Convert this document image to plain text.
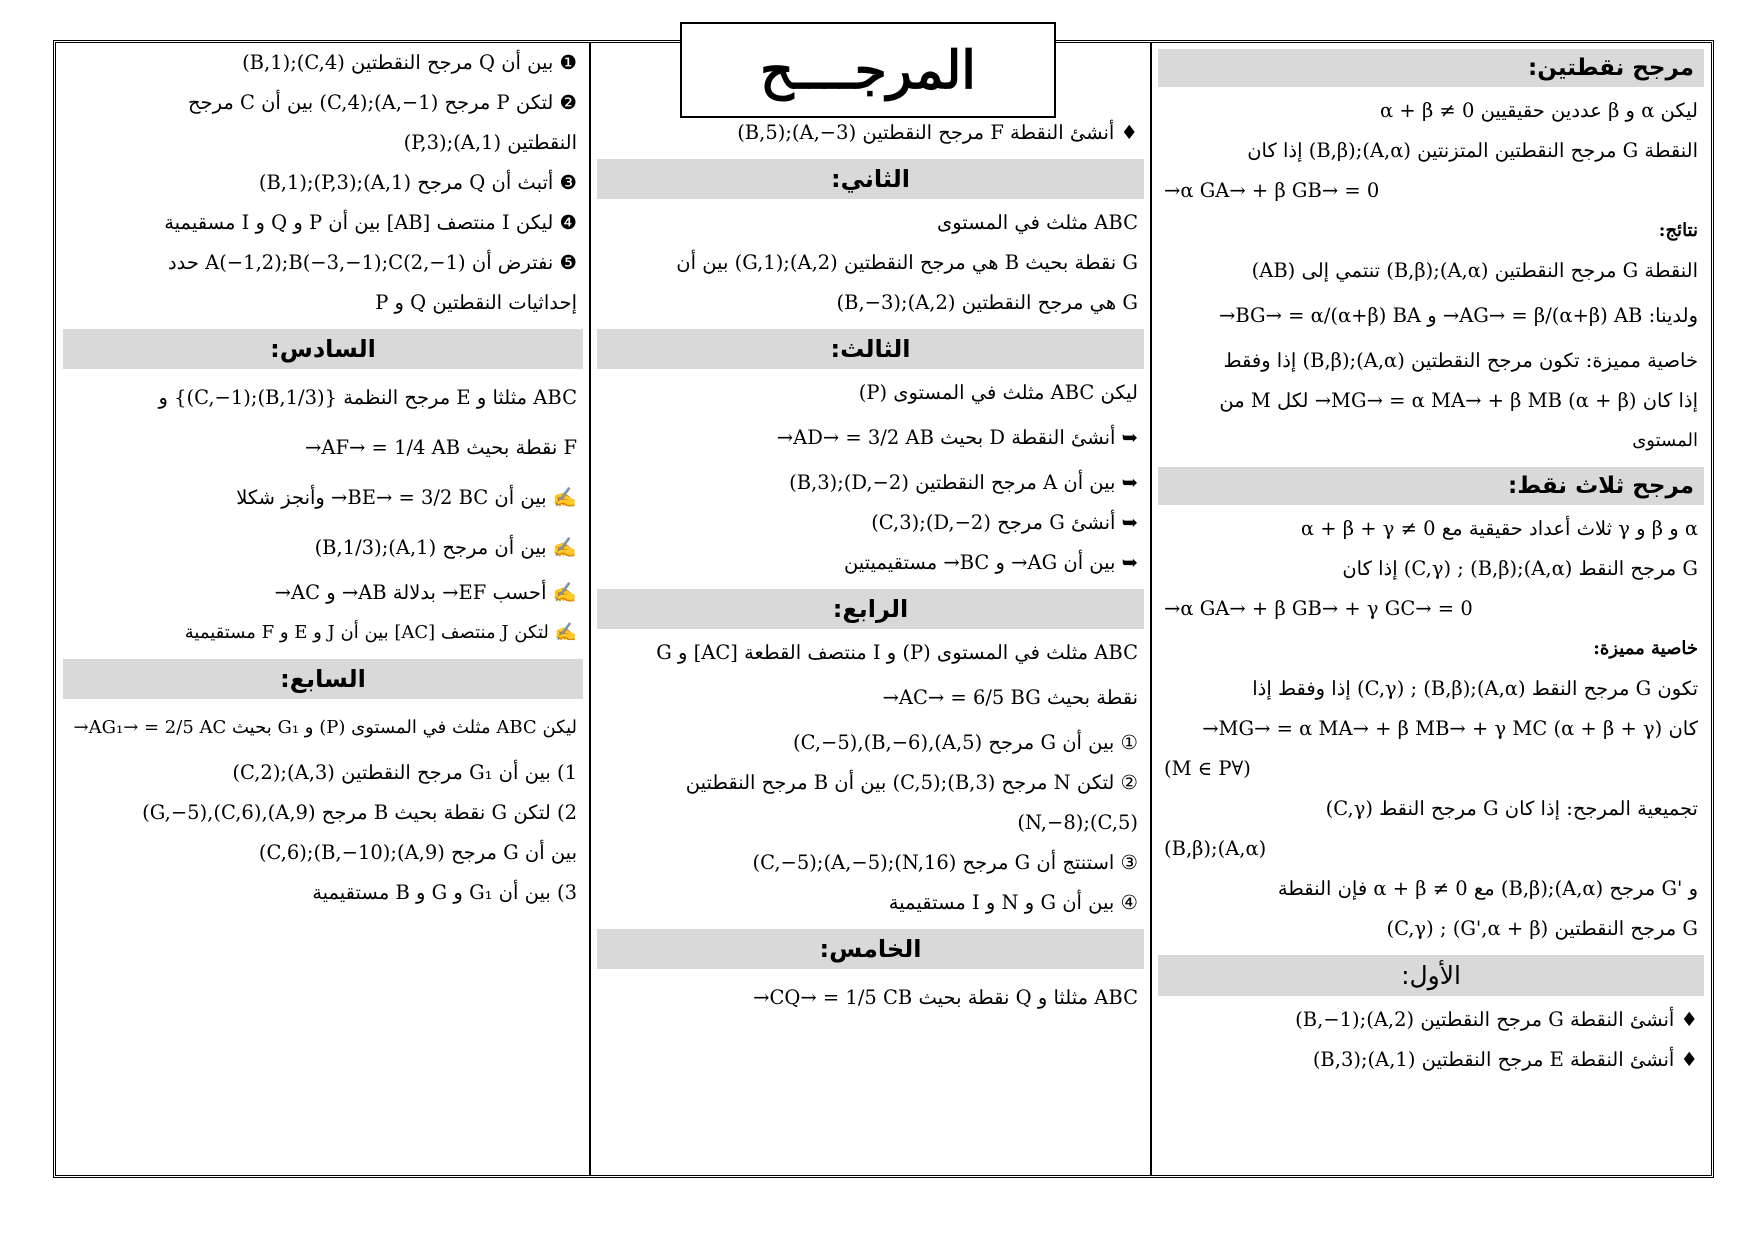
المرجــــح	مرجح نقطتين:
ليكن α و β عددين حقيقيين α + β ≠ 0
النقطة G مرجح النقطتين المتزنتين (A,α);(B,β) إذا كان
α GA→ + β GB→ = 0→
نتائج:
النقطة G مرجح النقطتين (A,α);(B,β) تنتمي إلى (AB)
ولدينا: AG→ = β/(α+β) AB→ و BG→ = α/(α+β) BA→
خاصية مميزة: تكون مرجح النقطتين (A,α);(B,β) إذا وفقط
إذا كان (α + β) MG→ = α MA→ + β MB→ لكل M من
المستوى
مرجح ثلاث نقط:
α و β و γ ثلاث أعداد حقيقية مع α + β + γ ≠ 0
G مرجح النقط (A,α);(B,β) ; (C,γ) إذا كان
α GA→ + β GB→ + γ GC→ = 0→
خاصية مميزة:
تكون G مرجح النقط (A,α);(B,β) ; (C,γ) إذا وفقط إذا
كان (α + β + γ) MG→ = α MA→ + β MB→ + γ MC→
(∀M ∈ P)
تجميعية المرجح: إذا كان G مرجح النقط (C,γ)
(A,α);(B,β)
و 'G مرجح (A,α);(B,β) مع α + β ≠ 0 فإن النقطة
G مرجح النقطتين (G',α + β) ; (C,γ)
الأول:
♦ أنشئ النقطة G مرجح النقطتين (A,2);(B,−1)
♦ أنشئ النقطة E مرجح النقطتين (A,1);(B,3)
♦ أنشئ النقطة F مرجح النقطتين (A,−3);(B,5)
الثاني:
ABC مثلث في المستوى
G نقطة بحيث B هي مرجح النقطتين (A,2);(G,1) بين أن
G هي مرجح النقطتين (A,2);(B,−3)
الثالث:
ليكن ABC مثلث في المستوى (P)
➥ أنشئ النقطة D بحيث AD→ = 3/2 AB→
➥ بين أن A مرجح النقطتين (D,−2);(B,3)
➥ أنشئ G مرجح (D,−2);(C,3)
➥ بين أن AG→ و BC→ مستقيميتين
الرابع:
ABC مثلث في المستوى (P) و I منتصف القطعة [AC] و G
نقطة بحيث AC→ = 6/5 BG→
① بين أن G مرجح (A,5),(B,−6),(C,−5)
② لتكن N مرجح (B,3);(C,5) بين أن B مرجح النقطتين
(C,5);(N,−8)
③ استنتج أن G مرجح (N,16);(A,−5);(C,−5)
④ بين أن G و N و I مستقيمية
الخامس:
ABC مثلثا و Q نقطة بحيث CQ→ = 1/5 CB→
❶ بين أن Q مرجح النقطتين (C,4);(B,1)
❷ لتكن P مرجح (A,−1);(C,4) بين أن C مرجح
النقطتين (A,1);(P,3)
❸ أتبث أن Q مرجح (A,1);(P,3);(B,1)
❹ ليكن I منتصف [AB] بين أن P و Q و I مسقيمية
❺ نفترض أن A(−1,2);B(−3,−1);C(2,−1) حدد
إحداثيات النقطتين Q و P
السادس:
ABC مثلثا و E مرجح النظمة {(B,1/3);(C,−1)} و
F نقطة بحيث AF→ = 1/4 AB→
✍ بين أن BE→ = 3/2 BC→ وأنجز شكلا
✍ بين أن مرجح (A,1);(B,1/3)
✍ أحسب EF→ بدلالة AB→ و AC→
✍ لتكن J منتصف [AC] بين أن J و E و F مستقيمية
السابع:
ليكن ABC مثلث في المستوى (P) و G₁ بحيث AG₁→ = 2/5 AC→
1) بين أن G₁ مرجح النقطتين (A,3);(C,2)
2) لتكن G نقطة بحيث B مرجح (A,9),(C,6),(G,−5)
بين أن G مرجح (A,9);(B,−10);(C,6)
3) بين أن G₁ و G و B مستقيمية
